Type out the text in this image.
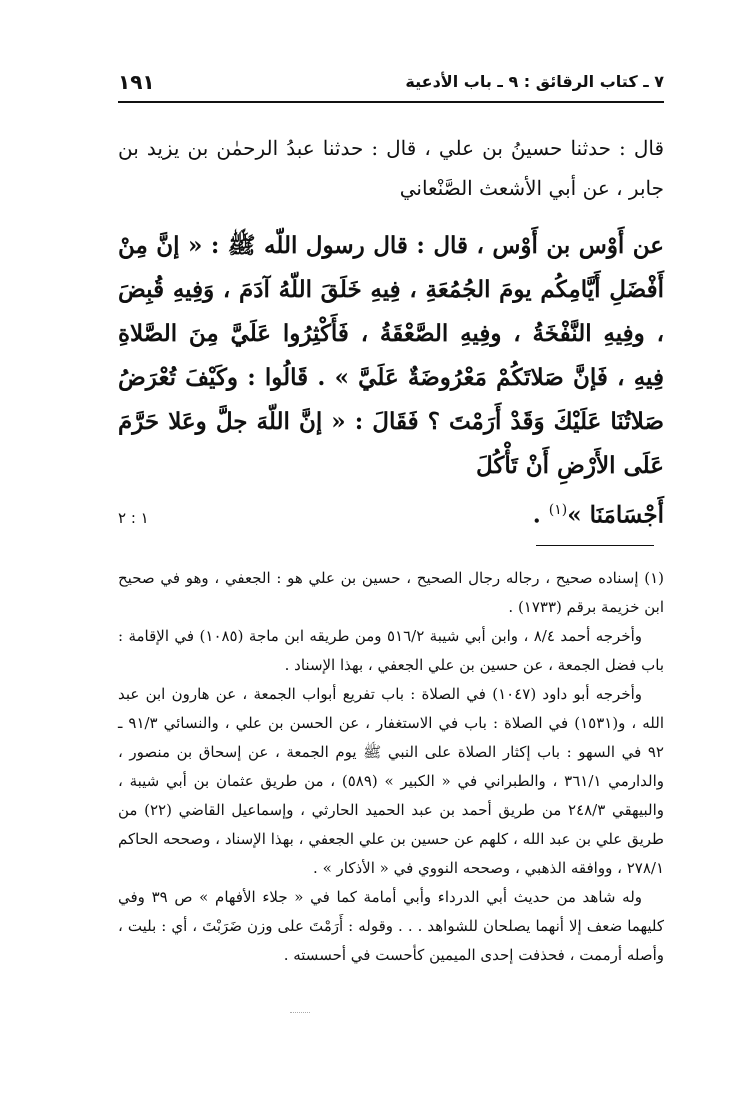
٧ ـ كتاب الرقائق : ٩ ـ باب الأدعية
١٩١
قال : حدثنا حسينُ بن علي ، قال : حدثنا عبدُ الرحمٰن بن يزيد بن جابر ، عن أبي الأشعث الصَّنْعاني

عن أَوْس بن أَوْس ، قال : قال رسول اللّه ﷺ : « إنَّ مِنْ أَفْضَلِ أَيَّامِكُم يومَ الجُمُعَةِ ، فِيهِ خَلَقَ اللّهُ آدَمَ ، وَفِيهِ قُبِضَ ، وفِيهِ النَّفْخَةُ ، وفِيهِ الصَّعْقَةُ ، فَأَكْثِرُوا عَلَيَّ مِنَ الصَّلاةِ فِيهِ ، فَإنَّ صَلاتَكُمْ مَعْرُوضَةٌ عَلَيَّ » . قَالُوا : وكَيْفَ تُعْرَضُ صَلاتُنَا عَلَيْكَ وَقَدْ أَرَمْتَ ؟ فَقَالَ : « إنَّ اللّهَ جلَّ وعَلا حَرَّمَ عَلَى الأَرْضِ أَنْ تَأْكُلَ

أَجْسَامَنَا »$^{(١)}$ .
١ : ٢

(١) إسناده صحيح ، رجاله رجال الصحيح ، حسين بن علي هو : الجعفي ، وهو في صحيح ابن خزيمة برقم (١٧٣٣) .

وأخرجه أحمد ٨/٤ ، وابن أبي شيبة ٥١٦/٢ ومن طريقه ابن ماجة (١٠٨٥) في الإقامة : باب فضل الجمعة ، عن حسين بن علي الجعفي ، بهذا الإسناد .

وأخرجه أبو داود (١٠٤٧) في الصلاة : باب تفريع أبواب الجمعة ، عن هارون ابن عبد الله ، و(١٥٣١) في الصلاة : باب في الاستغفار ، عن الحسن بن علي ، والنسائي ٩١/٣ ـ ٩٢ في السهو : باب إكثار الصلاة على النبي ﷺ يوم الجمعة ، عن إسحاق بن منصور ، والدارمي ٣٦١/١ ، والطبراني في « الكبير » (٥٨٩) ، من طريق عثمان بن أبي شيبة ، والبيهقي ٢٤٨/٣ من طريق أحمد بن عبد الحميد الحارثي ، وإسماعيل القاضي (٢٢) من طريق علي بن عبد الله ، كلهم عن حسين بن علي الجعفي ، بهذا الإسناد ، وصححه الحاكم ٢٧٨/١ ، ووافقه الذهبي ، وصححه النووي في « الأذكار » .

وله شاهد من حديث أبي الدرداء وأبي أمامة كما في « جلاء الأفهام » ص ٣٩ وفي كليهما ضعف إلا أنهما يصلحان للشواهد . . . وقوله : أَرَمْتَ على وزن ضَرَبْتَ ، أي : بليت ، وأصله أرممت ، فحذفت إحدى الميمين كأحست في أحسسته .
